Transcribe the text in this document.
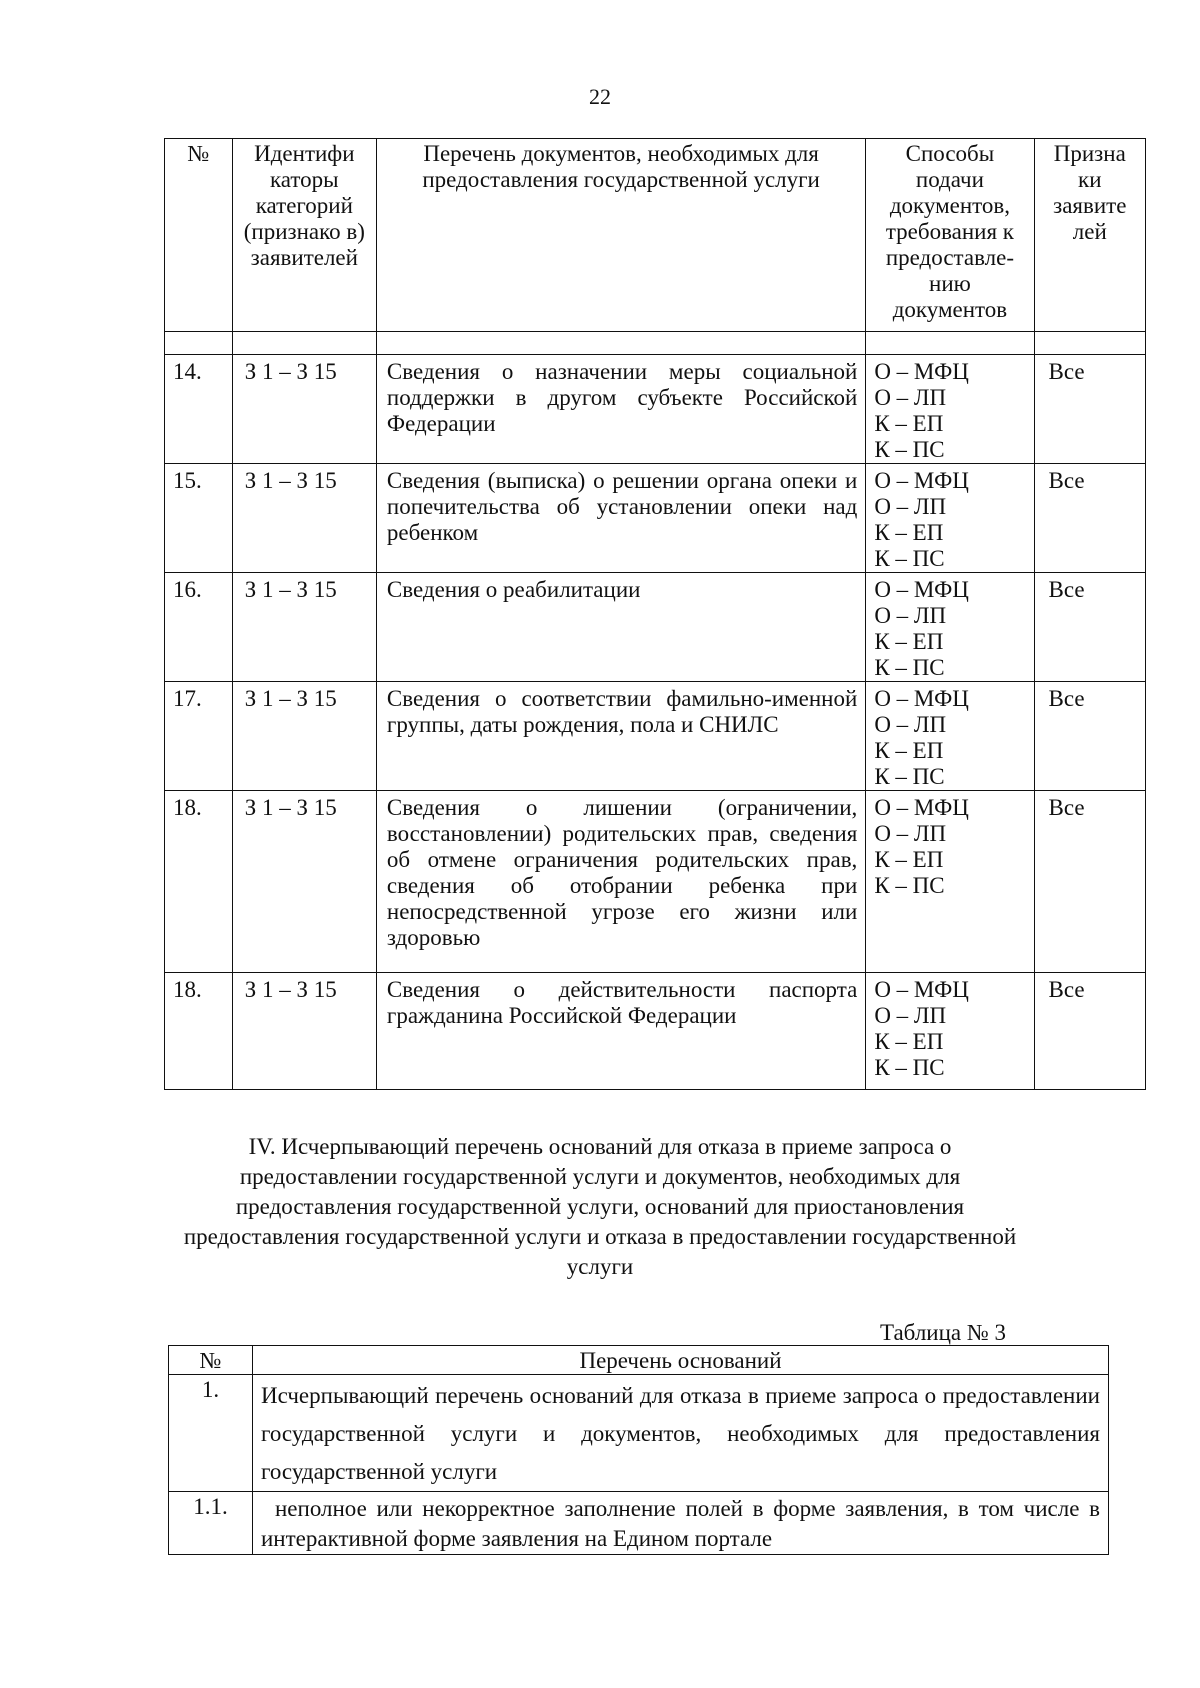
22
№	Идентифи каторы категорий (признако в) заявителей	Перечень документов, необходимых для предоставления государственной услуги	Способы подачи документов, требования к предоставле-нию документов	Призна ки заявите лей

14.	З 1 – З 15	Сведения о назначении меры социальной поддержки в другом субъекте Российской Федерации	О – МФЦ
О – ЛП
К – ЕП
К – ПС	Все
15.	З 1 – З 15	Сведения (выписка) о решении органа опеки и попечительства об установлении опеки над ребенком	О – МФЦ
О – ЛП
К – ЕП
К – ПС	Все
16.	З 1 – З 15	Сведения о реабилитации	О – МФЦ
О – ЛП
К – ЕП
К – ПС	Все
17.	З 1 – З 15	Сведения о соответствии фамильно-именной группы, даты рождения, пола и СНИЛС	О – МФЦ
О – ЛП
К – ЕП
К – ПС	Все
18.	З 1 – З 15	Сведения о лишении (ограничении, восстановлении) родительских прав, сведения об отмене ограничения родительских прав, сведения об отобрании ребенка при непосредственной угрозе его жизни или здоровью	О – МФЦ
О – ЛП
К – ЕП
К – ПС	Все
18.	З 1 – З 15	Сведения о действительности паспорта гражданина Российской Федерации	О – МФЦ
О – ЛП
К – ЕП
К – ПС	Все
IV. Исчерпывающий перечень оснований для отказа в приеме запроса о предоставлении государственной услуги и документов, необходимых для предоставления государственной услуги, оснований для приостановления предоставления государственной услуги и отказа в предоставлении государственной услуги
Таблица № 3
№	Перечень оснований
1.	Исчерпывающий перечень оснований для отказа в приеме запроса о предоставлении государственной услуги и документов, необходимых для предоставления государственной услуги
1.1.	неполное или некорректное заполнение полей в форме заявления, в том числе в интерактивной форме заявления на Едином портале
